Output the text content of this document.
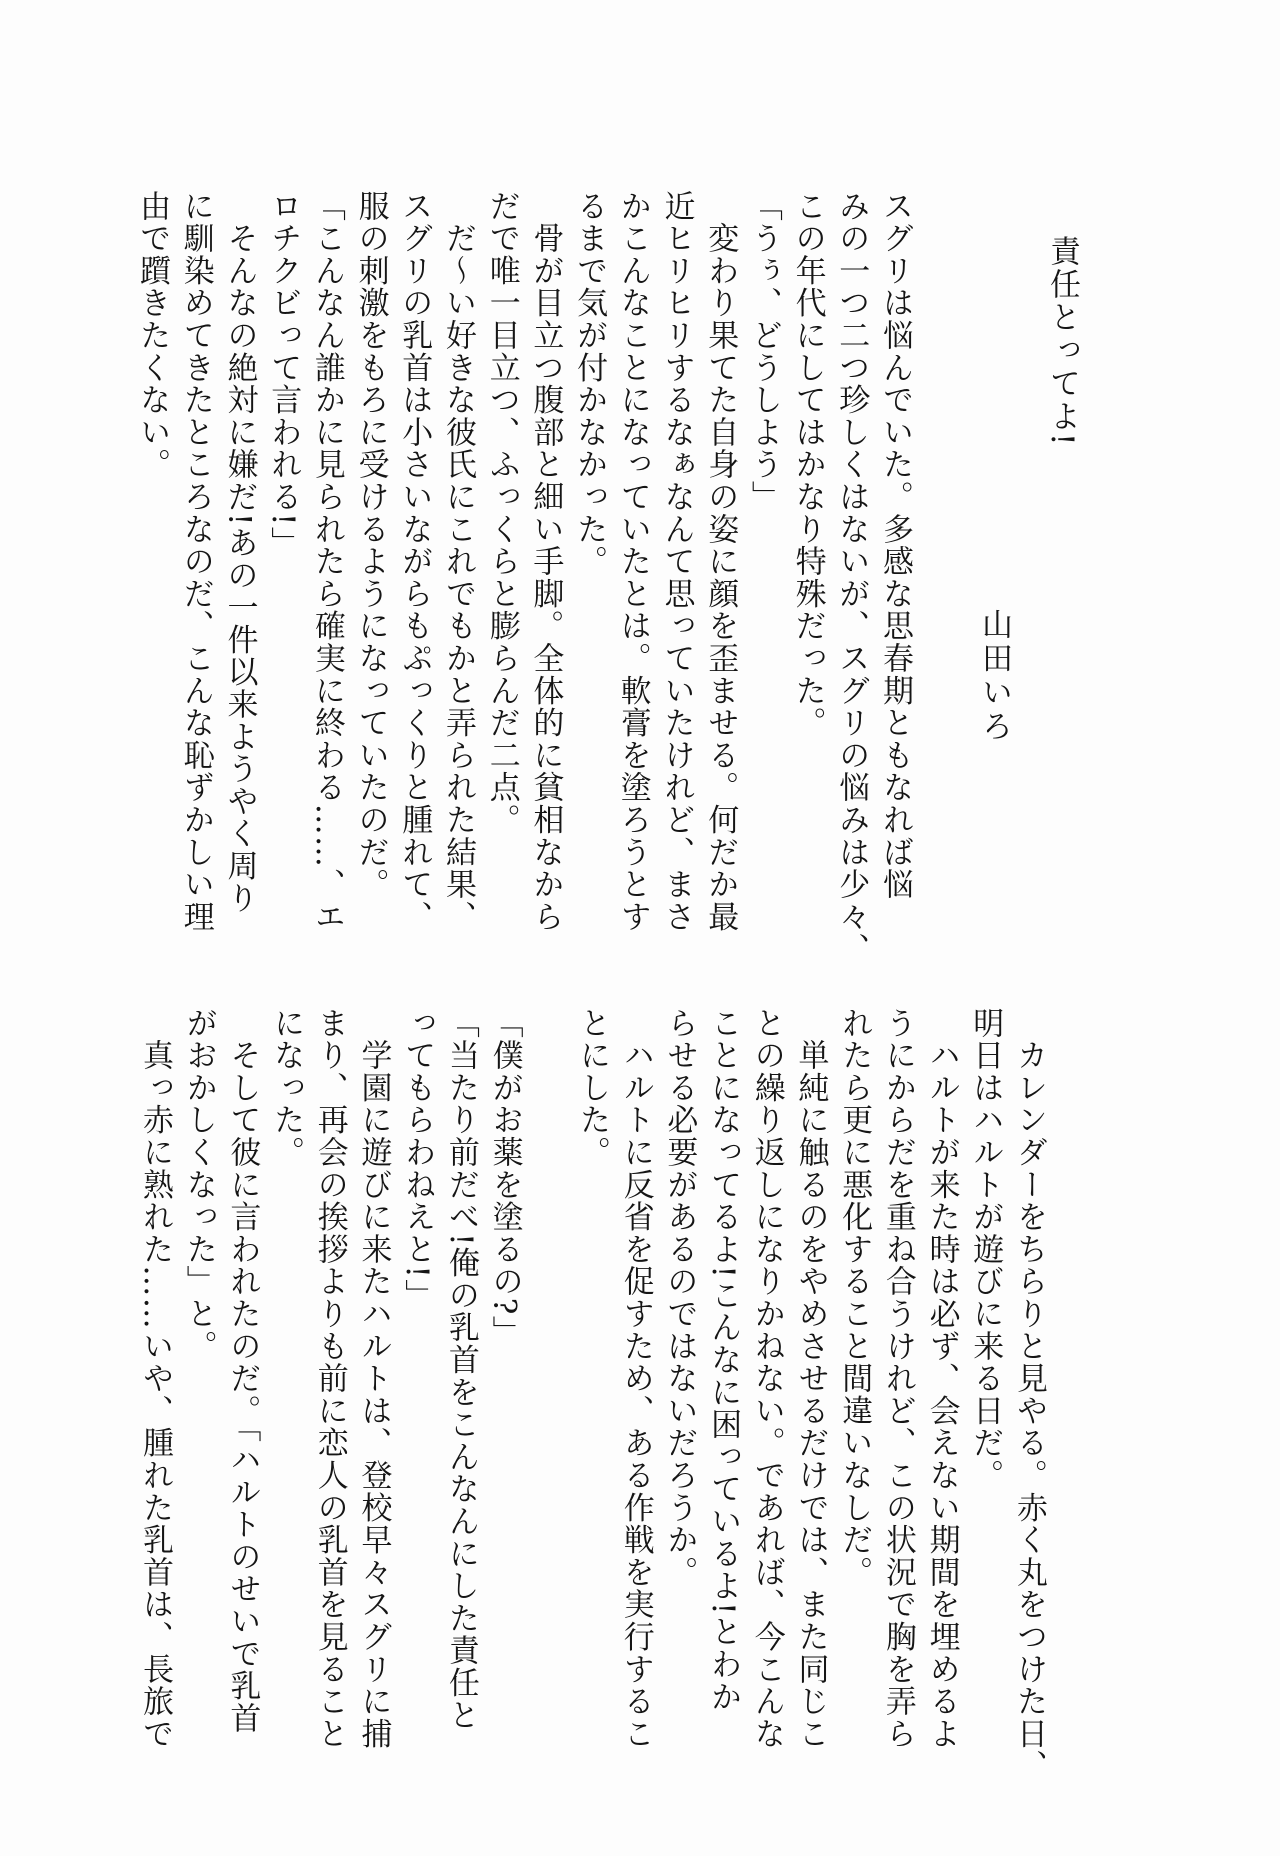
責任とってよ!
山田いろ
スグリは悩んでいた。多感な思春期ともなれば悩
みの一つ二つ珍しくはないが、スグリの悩みは少々、
この年代にしてはかなり特殊だった。
「うぅ、どうしよう」
　変わり果てた自身の姿に顔を歪ませる。何だか最
近ヒリヒリするなぁなんて思っていたけれど、まさ
かこんなことになっていたとは。軟膏を塗ろうとす
るまで気が付かなかった。
　骨が目立つ腹部と細い手脚。全体的に貧相なから
だで唯一目立つ、ふっくらと膨らんだ二点。
　だ〜い好きな彼氏にこれでもかと弄られた結果、
スグリの乳首は小さいながらもぷっくりと腫れて、
服の刺激をもろに受けるようになっていたのだ。
「こんなん誰かに見られたら確実に終わる……、エ
ロチクビって言われる!」
　そんなの絶対に嫌だ!あの一件以来ようやく周り
に馴染めてきたところなのだ、こんな恥ずかしい理
由で躓きたくない。
　カレンダーをちらりと見やる。赤く丸をつけた日、
明日はハルトが遊びに来る日だ。
　ハルトが来た時は必ず、会えない期間を埋めるよ
うにからだを重ね合うけれど、この状況で胸を弄ら
れたら更に悪化すること間違いなしだ。
　単純に触るのをやめさせるだけでは、また同じこ
との繰り返しになりかねない。であれば、今こんな
ことになってるよ!こんなに困っているよ!とわか
らせる必要があるのではないだろうか。
　ハルトに反省を促すため、ある作戦を実行するこ
とにした。
「僕がお薬を塗るの?」
「当たり前だべ!俺の乳首をこんなんにした責任と
ってもらわねえと!」
　学園に遊びに来たハルトは、登校早々スグリに捕
まり、再会の挨拶よりも前に恋人の乳首を見ること
になった。
　そして彼に言われたのだ。「ハルトのせいで乳首
がおかしくなった」と。
　真っ赤に熟れた……いや、腫れた乳首は、長旅で
